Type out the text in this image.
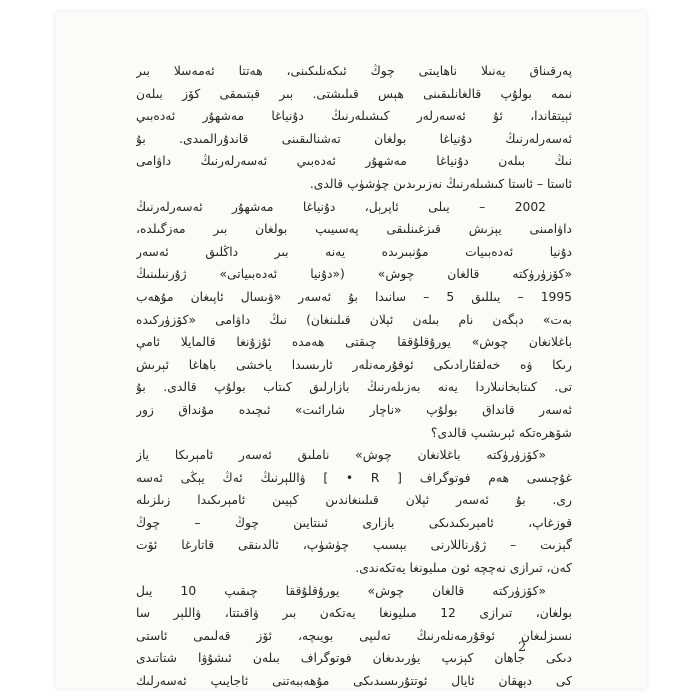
پەرقىناق يەنىلا ناھايىتى چوڭ ئىكەنلىكىنى، ھەتتا ئەمەسلا بىر
نىمە بولۇپ قالغانلىقىنى ھېس قىلىشتى. بىر قېتىمقى كۆز بىلەن
ئېيتقاندا، ئۇ ئەسەرلەر كىشىلەرنىڭ دۇنياغا مەشھۇر ئەدەبىي
ئەسەرلەرنىڭ دۇنياغا بولغان تەشنالىقىنى قاندۇرالمىدى. بۇ
نىڭ بىلەن دۇنياغا مەشھۇر ئەدەبىي ئەسەرلەرنىڭ داۋامى
ئاستا – ئاستا كىشىلەرنىڭ نەزىرىدىن چۈشۈپ قالدى.
2002 – يىلى ئاپرېل، دۇنياغا مەشھۇر ئەسەرلەرنىڭ
داۋامىنى يېزىش قىزغىنلىقى پەسىيىپ بولغان بىر مەزگىلدە،
دۇنيا ئەدەبىيات مۇنبىرىدە يەنە بىر داڭلىق ئەسەر
«كۆزۈرۈكتە قالغان چوش» («دۇنيا ئەدەبىياتى» ژۇرنىلىنىڭ
1995 – يىللىق 5 – سانىدا بۇ ئەسەر «ۋىسال ئاپىغان مۇھەب
بەت» دېگەن نام بىلەن ئېلان قىلىنغان) نىڭ داۋامى «كۆزۈركىدە
باغلانغان چوش» يورۇقلۇققا چىقتى ھەمدە ئۇزۇنغا قالمايلا ئامې
رىكا ۋە خەلقئارادىكى ئوقۇرمەنلەر ئارىسىدا ياخشى باھاغا ئېرىش
تى. كىتابخانىلاردا يەنە بەزىلەرنىڭ بازارلىق كىتاب بولۇپ قالدى. بۇ
ئەسەر قانداق بولۇپ «ناچار شارائىت» ئىچىدە مۇنداق زور
شۆھرەتكە ئېرىشىپ قالدى؟
«كۆزۈرۈكتە باغلانغان چوش» ناملىق ئەسەر ئامېرىكا ياز
غۇچىسى ھەم فوتوگراف [ R • ] ۋاللېرنىڭ ئەڭ يېڭى ئەسە
رى. بۇ ئەسەر ئېلان قىلىنغاندىن كېيىن ئامېرىكىدا زىلزىلە
قوزغاپ، ئامېرىكىدىكى بازارى ئىنتايىن چوڭ – چوڭ
گېزىت – ژۇرناللارنى بېسىپ چۈشۈپ، ئالدىنقى قاتارغا ئۆت
كەن، تىرازى نەچچە ئون مىليونغا يەتكەندى.
«كۆزۈركتە قالغان چوش» يورۇقلۇققا چىقىپ 10 يىل
بولغان، تىرازى 12 مىليونغا يەتكەن بىر ۋاقىتتا، ۋاللېر سا
نسىزلىغان ئوقۇرمەنلەرنىڭ تەلىپى بويىچە، ئۆز قەلىمى ئاستى
دىكى جاھان كېزىپ يۈرىدىغان فوتوگراف بىلەن ئىشۇۋا شتاتىدى
كى دېھقان ئايال ئوتتۇرىسىدىكى مۇھەببەتنى ئاجايىپ ئەسەرلىك
2
